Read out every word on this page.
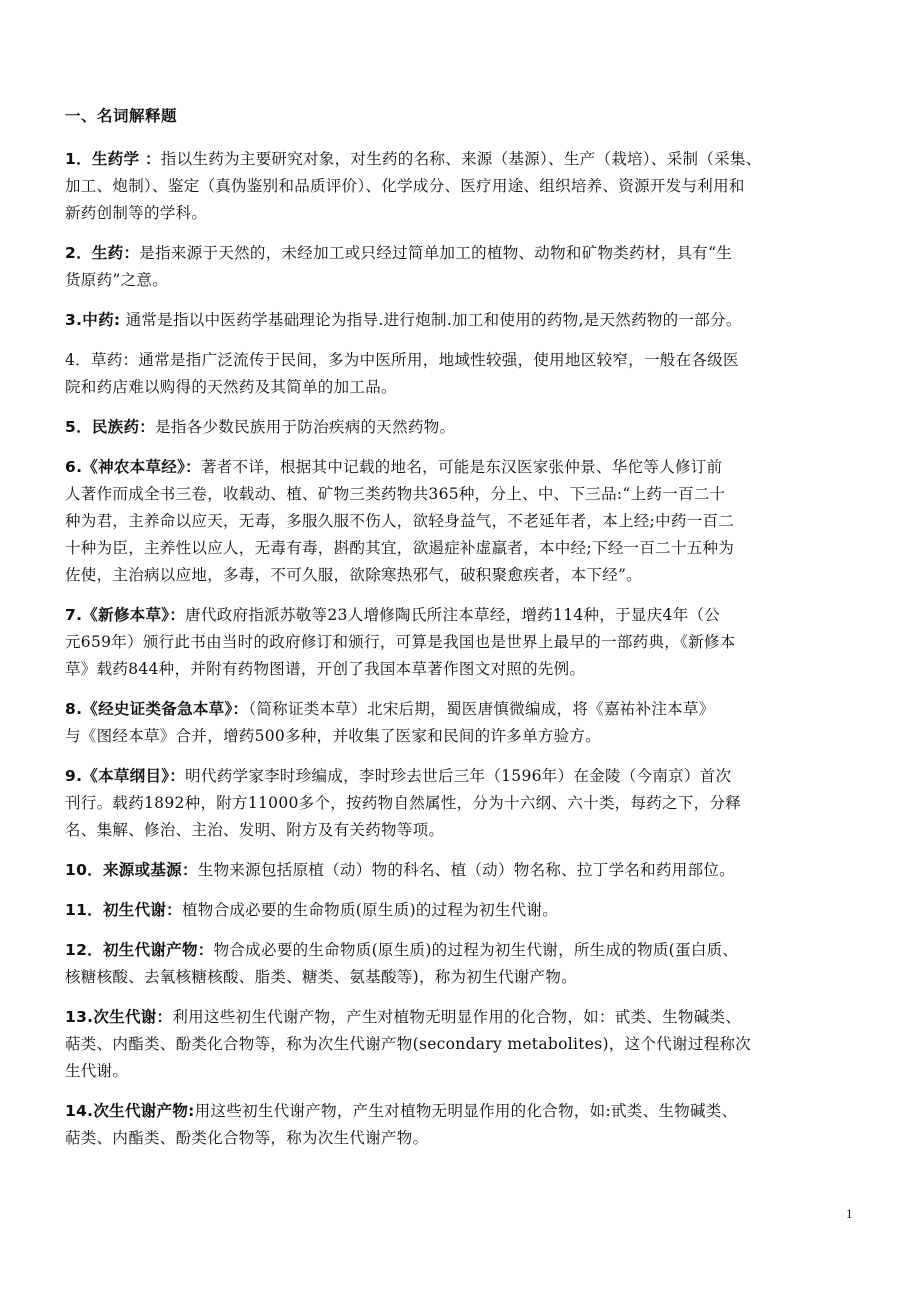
一、名词解释题

1．生药学 ：指以生药为主要研究对象，对生药的名称、来源（基源）、生产（栽培）、采制（采集、
加工、炮制）、鉴定（真伪鉴别和品质评价）、化学成分、医疗用途、组织培养、资源开发与利用和
新药创制等的学科。

2．生药：是指来源于天然的，未经加工或只经过简单加工的植物、动物和矿物类药材，具有“生
货原药”之意。

3.中药: 通常是指以中医药学基础理论为指导.进行炮制.加工和使用的药物,是天然药物的一部分。

4．草药：通常是指广泛流传于民间，多为中医所用，地域性较强，使用地区较窄，一般在各级医
院和药店难以购得的天然药及其简单的加工品。

5．民族药：是指各少数民族用于防治疾病的天然药物。

6.《神农本草经》：著者不详，根据其中记载的地名，可能是东汉医家张仲景、华佗等人修订前
人著作而成全书三卷，收载动、植、矿物三类药物共365种，分上、中、下三品:“上药一百二十
种为君，主养命以应天，无毒，多服久服不伤人，欲轻身益气，不老延年者，本上经;中药一百二
十种为臣，主养性以应人，无毒有毒，斟酌其宜，欲遏症补虚羸者，本中经;下经一百二十五种为
佐使，主治病以应地，多毒，不可久服，欲除寒热邪气，破积聚愈疾者，本下经”。

7.《新修本草》：唐代政府指派苏敬等23人增修陶氏所注本草经，增药114种，于显庆4年（公
元659年）颁行此书由当时的政府修订和颁行，可算是我国也是世界上最早的一部药典，《新修本
草》载药844种，并附有药物图谱，开创了我国本草著作图文对照的先例。

8.《经史证类备急本草》：（简称证类本草）北宋后期，蜀医唐慎微编成，将《嘉祐补注本草》
与《图经本草》合并，增药500多种，并收集了医家和民间的许多单方验方。

9.《本草纲目》：明代药学家李时珍编成，李时珍去世后三年（1596年）在金陵（今南京）首次
刊行。载药1892种，附方11000多个，按药物自然属性，分为十六纲、六十类，每药之下，分释
名、集解、修治、主治、发明、附方及有关药物等项。

10．来源或基源：生物来源包括原植（动）物的科名、植（动）物名称、拉丁学名和药用部位。

11．初生代谢：植物合成必要的生命物质(原生质)的过程为初生代谢。

12．初生代谢产物：物合成必要的生命物质(原生质)的过程为初生代谢，所生成的物质(蛋白质、
核糖核酸、去氧核糖核酸、脂类、糖类、氨基酸等)，称为初生代谢产物。

13.次生代谢：利用这些初生代谢产物，产生对植物无明显作用的化合物，如：甙类、生物碱类、
萜类、内酯类、酚类化合物等，称为次生代谢产物(secondary metabolites)，这个代谢过程称次
生代谢。

14.次生代谢产物:用这些初生代谢产物，产生对植物无明显作用的化合物，如:甙类、生物碱类、
萜类、内酯类、酚类化合物等，称为次生代谢产物。

1
